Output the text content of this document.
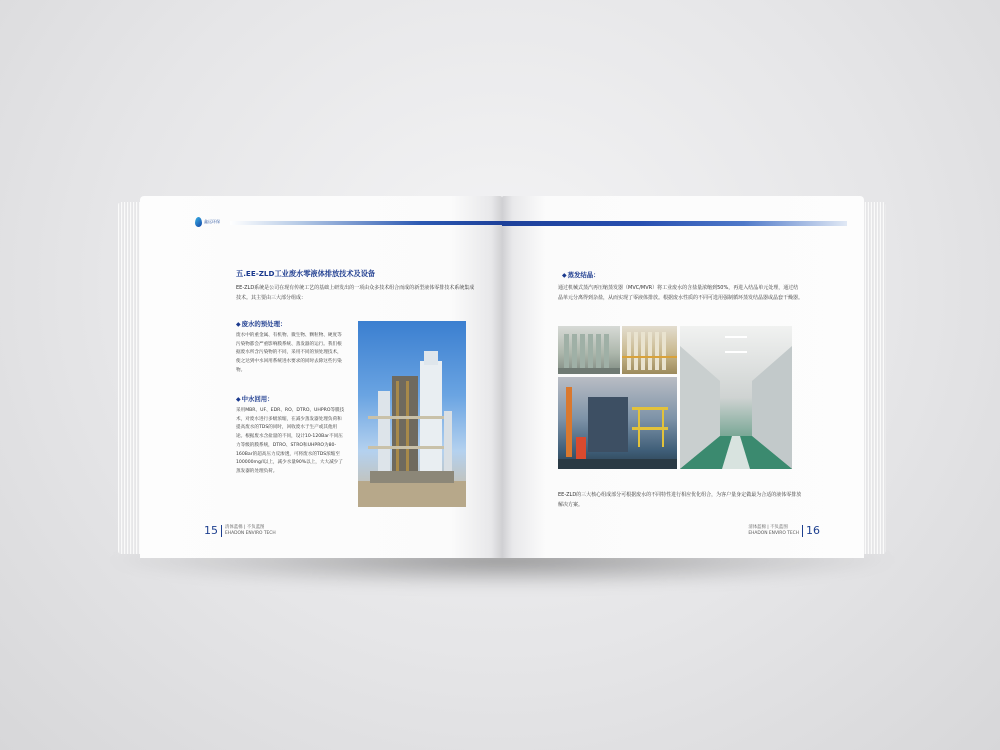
鑫远环保
五.EE-ZLD工业废水零液体排放技术及设备
EE-ZLD系统是公司在现有传统工艺的基础上研发出的一项由众多技术组合而成的新型液体零排技术系统集成技术。其主要由三大部分组成：
◆废水的预处理：
废水中的重金属、有机物、微生物、颗粒物、硬度等污染物都会严重影响膜系统、蒸发器的运行。我们根据废水所含污染物的不同，采用不同的预处理技术，使之达到中水回用系统进水要求的同时去除这些污染物。
◆中水回用：
采用MBR、UF、EDR、RO、DTRO、UHPRO等膜技术，对废水进行多级浓缩，在减少蒸发器处理负荷和提高废水的TDS的同时，回收废水于生产或其他用途。根据废水含盐量的不同，设计10-120Bar不同压力等级的膜系统，DTRO、STRO和UHPRO为80-160Bar的超高压力反渗透，可将废水的TDS浓缩至100000mg/l以上，减少水量90%以上，大大减少了蒸发器的处理负荷。
15 清体蓝棉 | 不负蓝图
EHADON ENVIRO TECH
◆蒸发结晶：
通过机械式蒸汽再压缩蒸发器（MVC/MVR）将工业废水的含盐量浓缩到50%，再进入结晶单元处理，通过结晶单元分离得到杂盐，从而实现了零液体排放。根据废水性质的不同可选用强制循环蒸发结晶器或晶套干燥器。
EE-ZLD的三大核心组成部分可根据废水的不同特性进行相应优化组合，为客户量身定做最为合适的液体零排放解决方案。
清体蓝棉 | 不负蓝图
EHADON ENVIRO TECH 16
